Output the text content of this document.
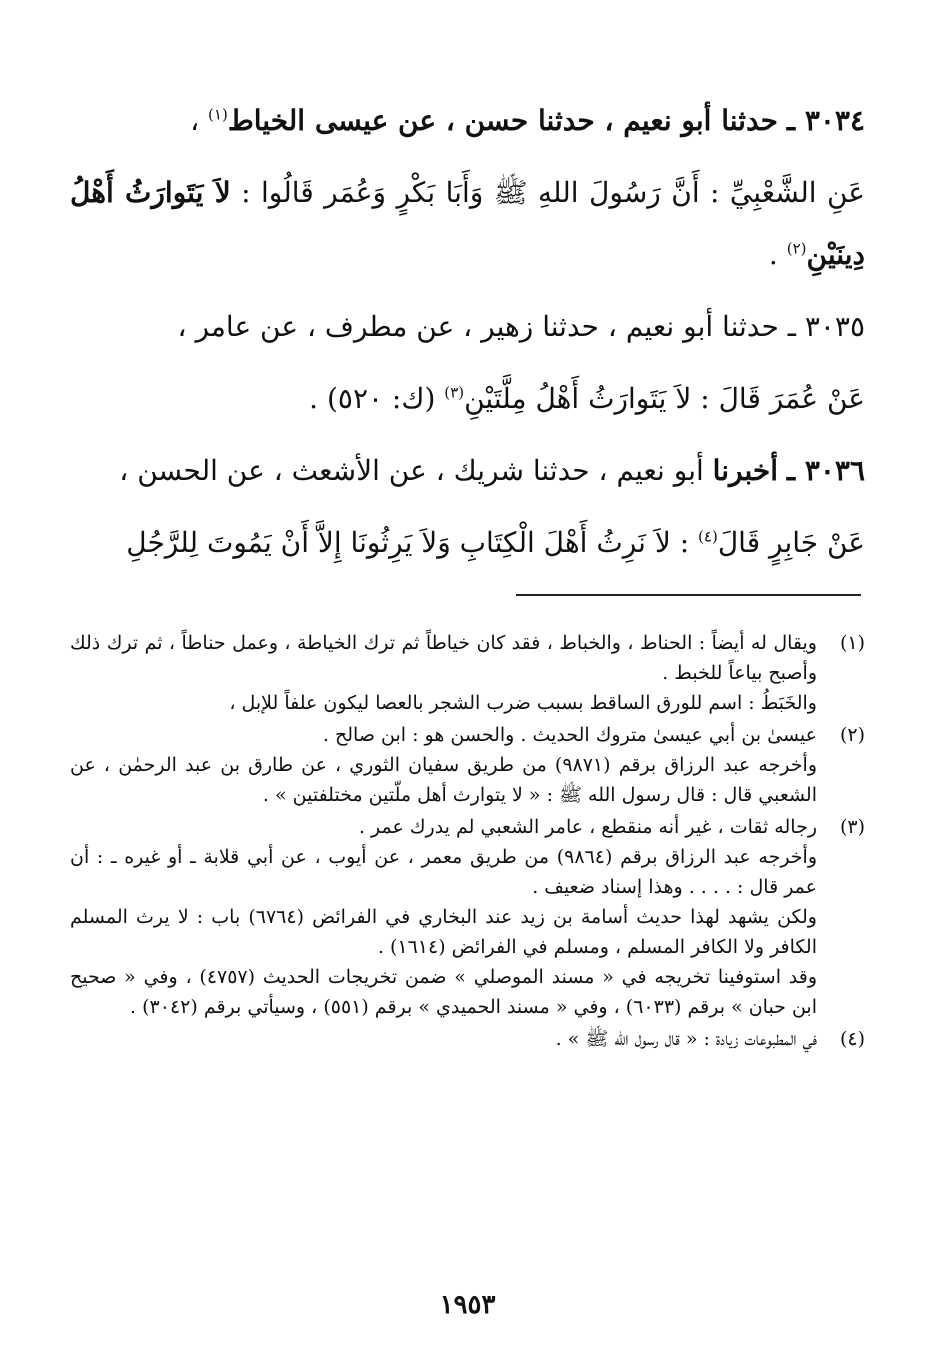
٣٠٣٤ ـ حدثنا أبو نعيم ، حدثنا حسن ، عن عيسى الخياط$^{(١)}$ ،
عَنِ الشَّعْبِيِّ : أَنَّ رَسُولَ اللهِ ﷺ وَأَبَا بَكْرٍ وَعُمَر قَالُوا : لاَ يَتَوارَثُ أَهْلُ دِينَيْنِ$^{(٢)}$ .
٣٠٣٥ ـ حدثنا أبو نعيم ، حدثنا زهير ، عن مطرف ، عن عامر ،
عَنْ عُمَرَ قَالَ : لاَ يَتَوارَثُ أَهْلُ مِلَّتَيْنِ$^{(٣)}$ (ك: ٥٢٠) .
٣٠٣٦ ـ أخبرنا أبو نعيم ، حدثنا شريك ، عن الأشعث ، عن الحسن ،
عَنْ جَابِرٍ قَالَ$^{(٤)}$ : لاَ نَرِثُ أَهْلَ الْكِتَابِ وَلاَ يَرِثُونَا إِلاَّ أَنْ يَمُوتَ لِلرَّجُلِ
(١)

ويقال له أيضاً : الحناط ، والخباط ، فقد كان خياطاً ثم ترك الخياطة ، وعمل حناطاً ، ثم ترك ذلك وأصبح بياعاً للخبط .

والخَبَطُ : اسم للورق الساقط بسبب ضرب الشجر بالعصا ليكون علفاً للإبل ،

(٢)

عيسىٰ بن أبي عيسىٰ متروك الحديث . والحسن هو : ابن صالح .

وأخرجه عبد الرزاق برقم (٩٨٧١) من طريق سفيان الثوري ، عن طارق بن عبد الرحمٰن ، عن الشعبي قال : قال رسول الله ﷺ : « لا يتوارث أهل ملّتين مختلفتين » .

(٣)

رجاله ثقات ، غير أنه منقطع ، عامر الشعبي لم يدرك عمر .

وأخرجه عبد الرزاق برقم (٩٨٦٤) من طريق معمر ، عن أيوب ، عن أبي قلابة ـ أو غيره ـ : أن عمر قال : . . . . وهذا إسناد ضعيف .

ولكن يشهد لهذا حديث أسامة بن زيد عند البخاري في الفرائض (٦٧٦٤) باب : لا يرث المسلم الكافر ولا الكافر المسلم ، ومسلم في الفرائض (١٦١٤) .

وقد استوفينا تخريجه في « مسند الموصلي » ضمن تخريجات الحديث (٤٧٥٧) ، وفي « صحيح ابن حبان » برقم (٦٠٣٣) ، وفي « مسند الحميدي » برقم (٥٥١) ، وسيأتي برقم (٣٠٤٢) .

(٤)

في المطبوعات زيادة : « قال رسول الله ﷺ » .

١٩٥٣
